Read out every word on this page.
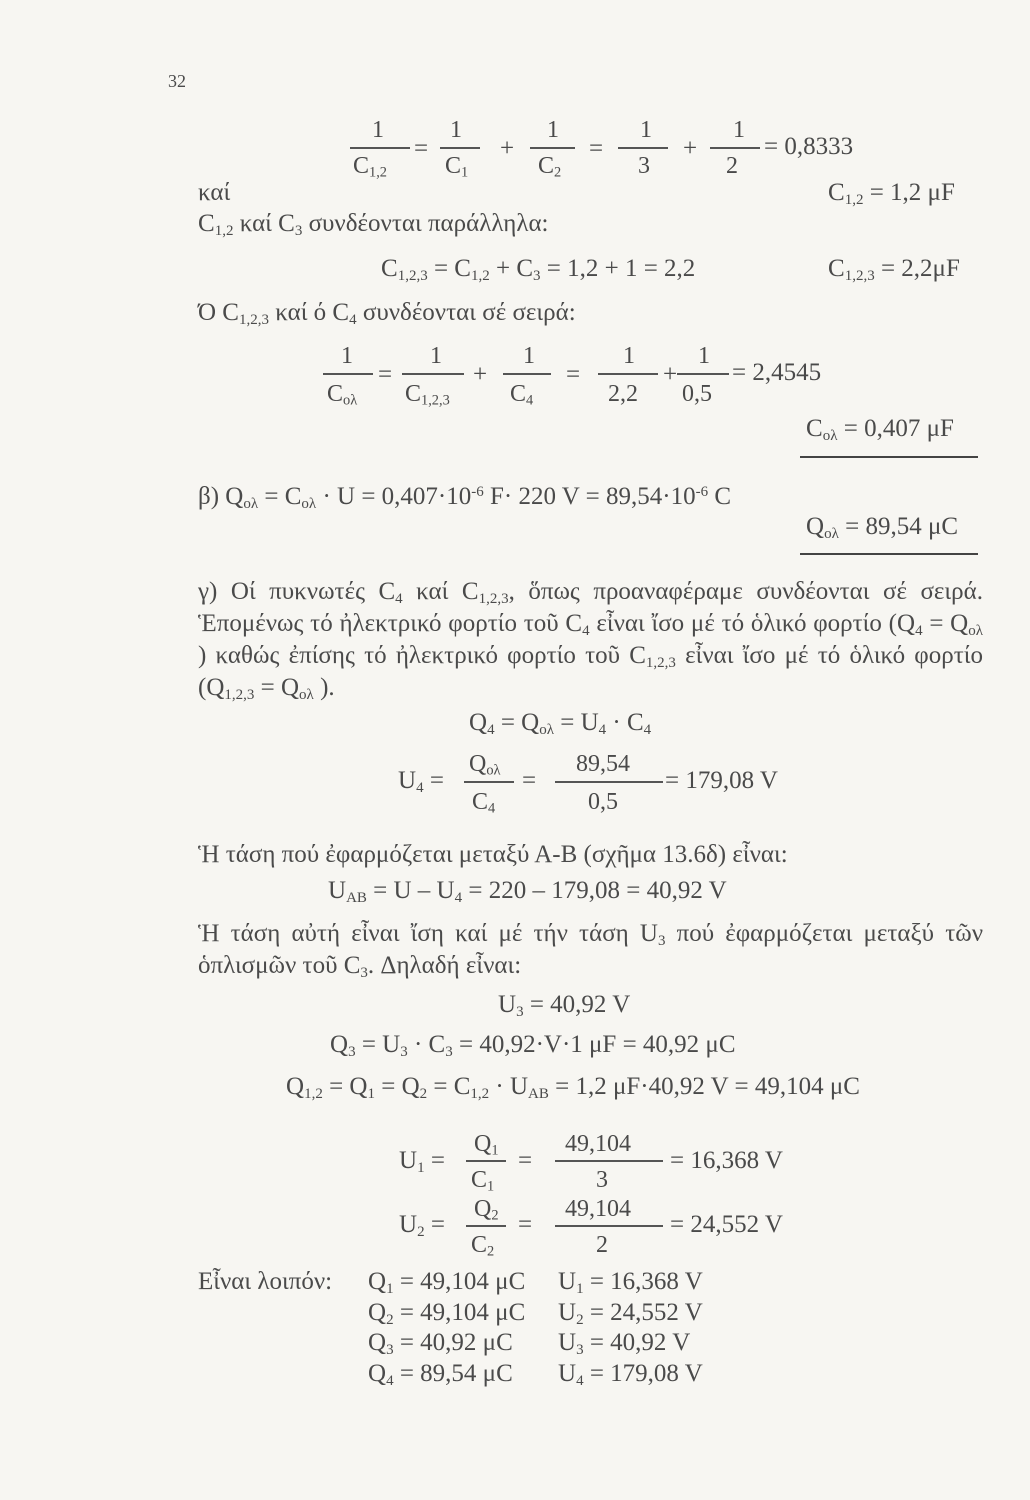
32
1
$C_{1,2}$
=
1
$C_1$
+
1
$C_2$
=
1
3
+
1
2
= 0,8333
καί	$C_{1,2} = 1,2$ μF
$C_{1,2}$ καί $C_3$ συνδέονται παράλληλα:
$C_{1,2,3} = C_{1,2} + C_3 = 1,2 + 1 = 2,2$	$C_{1,2,3} = 2,2\mu F$
Ό $C_{1,2,3}$ καί ό $C_4$ συνδέονται σέ σειρά:
1
$C_{o\lambda}$
=
1
$C_{1,2,3}$
+
1
$C_4$
=
1
2,2
+
1
0,5
= 2,4545
$C_{o\lambda} = 0,407$ μF
β) $Q_{o\lambda} = C_{o\lambda} \cdot U = 0,407\cdot 10^{-6}$ F· 220 $V = 89,54\cdot 10^{-6}$ C
$Q_{o\lambda} = 89,54$ μC
γ) Οί πυκνωτές $C_4$ καί $C_{1,2,3}$, ὅπως προαναφέραμε συνδέονται σέ σειρά. Ἑπομένως τό ἠλεκτρικό φορτίο τοῦ $C_4$ εἶναι ἴσο μέ τό ὁλικό φορτίο ($Q_4 = Q_{o\lambda}$ ) καθώς ἐπίσης τό ἠλεκτρικό φορτίο τοῦ $C_{1,2,3}$ εἶναι ἴσο μέ τό ὁλικό φορτίο ($Q_{1,2,3} = Q_{o\lambda}$ ).
$Q_4 = Q_{o\lambda} = U_4 \cdot C_4$
$U_4$ =
$Q_{o\lambda}$
$C_4$
=
89,54
0,5
= 179,08 V
Ἡ τάση πού ἐφαρμόζεται μεταξύ Α-Β (σχῆμα 13.6δ) εἶναι:
$U_{AB} = U - U_4 = 220 - 179,08 = 40,92$ V
Ἡ τάση αὐτή εἶναι ἴση καί μέ τήν τάση $U_3$ πού ἐφαρμόζεται μεταξύ τῶν ὁπλισμῶν τοῦ $C_3$. Δηλαδή εἶναι:
$U_3 = 40,92$ V
$Q_3 = U_3 \cdot C_3 = 40,92\cdot V\cdot 1$ μF = 40,92 μC
$Q_{1,2} = Q_1 = Q_2 = C_{1,2} \cdot U_{AB} = 1,2$ μF·40,92 V = 49,104 μC
$U_1$ =
$Q_1$
$C_1$
=
49,104
3
= 16,368 V
$U_2$ =
$Q_2$
$C_2$
=
49,104
2
= 24,552 V
Εἶναι λοιπόν: $Q_1 = 49,104$ μC $U_1 = 16,368$ V
$Q_2 = 49,104$ μC $U_2 = 24,552$ V
$Q_3 = 40,92$ μC $U_3 = 40,92$ V
$Q_4 = 89,54$ μC $U_4 = 179,08$ V
